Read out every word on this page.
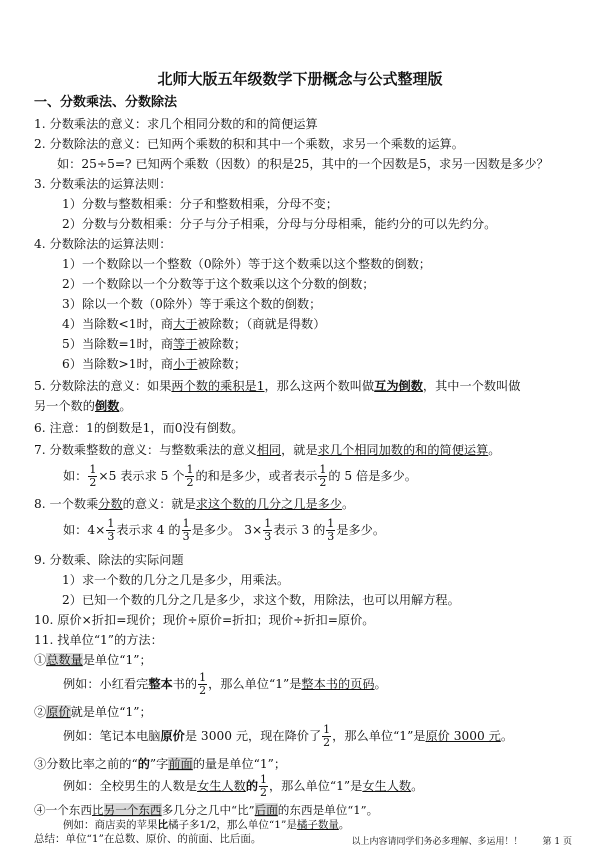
北师大版五年级数学下册概念与公式整理版
一、分数乘法、分数除法
1. 分数乘法的意义：求几个相同分数的和的简便运算
2. 分数除法的意义：已知两个乘数的积和其中一个乘数，求另一个乘数的运算。
如：25÷5=? 已知两个乘数（因数）的积是25，其中的一个因数是5，求另一因数是多少？
3. 分数乘法的运算法则：
1）分数与整数相乘：分子和整数相乘，分母不变；
2）分数与分数相乘：分子与分子相乘，分母与分母相乘，能约分的可以先约分。
4. 分数除法的运算法则：
1）一个数除以一个整数（0除外）等于这个数乘以这个整数的倒数；
2）一个数除以一个分数等于这个数乘以这个分数的倒数；
3）除以一个数（0除外）等于乘这个数的倒数；
4）当除数<1时，商大于被除数；（商就是得数）
5）当除数=1时，商等于被除数；
6）当除数>1时，商小于被除数；
5. 分数除法的意义：如果两个数的乘积是1，那么这两个数叫做互为倒数，其中一个数叫做
另一个数的倒数。
6. 注意：1的倒数是1，而0没有倒数。
7. 分数乘整数的意义：与整数乘法的意义相同，就是求几个相同加数的和的简便运算。
如： $\frac{1}{2} \times 5$ 表示求 5 个 $\frac{1}{2}$ 的和是多少，或者表示 $\frac{1}{2}$ 的 5 倍是多少。
8. 一个数乘分数的意义：就是求这个数的几分之几是多少。
如：$4\times \frac{1}{3}$ 表示求 4 的 $\frac{1}{3}$ 是多少。 $3\times \frac{1}{3}$ 表示 3 的 $\frac{1}{3}$ 是多少。
9. 分数乘、除法的实际问题
1）求一个数的几分之几是多少，用乘法。
2）已知一个数的几分之几是多少，求这个数，用除法，也可以用解方程。
10. 原价×折扣=现价；现价÷原价=折扣；现价÷折扣=原价。
11. 找单位“1”的方法：
①总数量是单位“1”；
例如：小红看完整本书的 $\frac{1}{2}$ ，那么单位“1”是整本书的页码。
②原价就是单位“1”；
例如：笔记本电脑原价是 3000 元，现在降价了 $\frac{1}{2}$ ，那么单位“1”是原价 3000 元。
③分数比率之前的“的”字前面的量是单位“1”；
例如：全校男生的人数是女生人数的 $\frac{1}{2}$ ，那么单位“1”是女生人数。
④一个东西比另一个东西多几分之几中“比”后面的东西是单位“1”。
例如：商店卖的苹果比橘子多1/2，那么单位“1”是橘子数量。
总结：单位“1”在总数、原价、的前面、比后面。	以上内容请同学们务必多理解、多运用！！ 第 1 页
